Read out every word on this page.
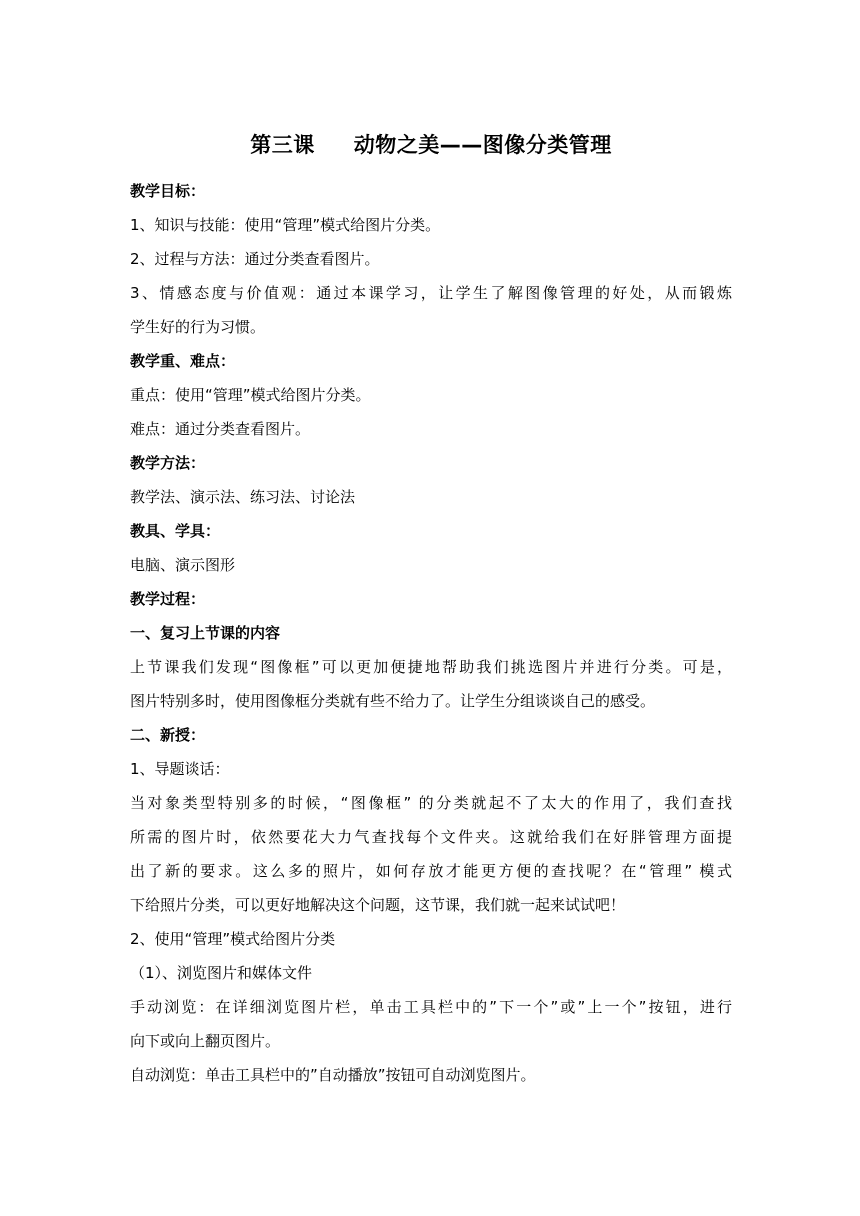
第三课     动物之美——图像分类管理

教学目标：

1、知识与技能：使用“管理”模式给图片分类。

2、过程与方法：通过分类查看图片。

3、情感态度与价值观：通过本课学习，让学生了解图像管理的好处，从而锻炼
学生好的行为习惯。

教学重、难点：

重点：使用“管理”模式给图片分类。

难点：通过分类查看图片。

教学方法：

教学法、演示法、练习法、讨论法

教具、学具：

电脑、演示图形

教学过程：

一、复习上节课的内容

上节课我们发现“图像框”可以更加便捷地帮助我们挑选图片并进行分类。可是，
图片特别多时，使用图像框分类就有些不给力了。让学生分组谈谈自己的感受。

二、新授：

1、导题谈话：

当对象类型特别多的时候，“图像框” 的分类就起不了太大的作用了，我们查找
所需的图片时，依然要花大力气查找每个文件夹。这就给我们在好胖管理方面提
出了新的要求。这么多的照片，如何存放才能更方便的查找呢？在“管理” 模式
下给照片分类，可以更好地解决这个问题，这节课，我们就一起来试试吧！

2、使用“管理”模式给图片分类

（1）、浏览图片和媒体文件

手动浏览：在详细浏览图片栏，单击工具栏中的”下一个”或”上一个”按钮，进行
向下或向上翻页图片。

自动浏览：单击工具栏中的”自动播放”按钮可自动浏览图片。
